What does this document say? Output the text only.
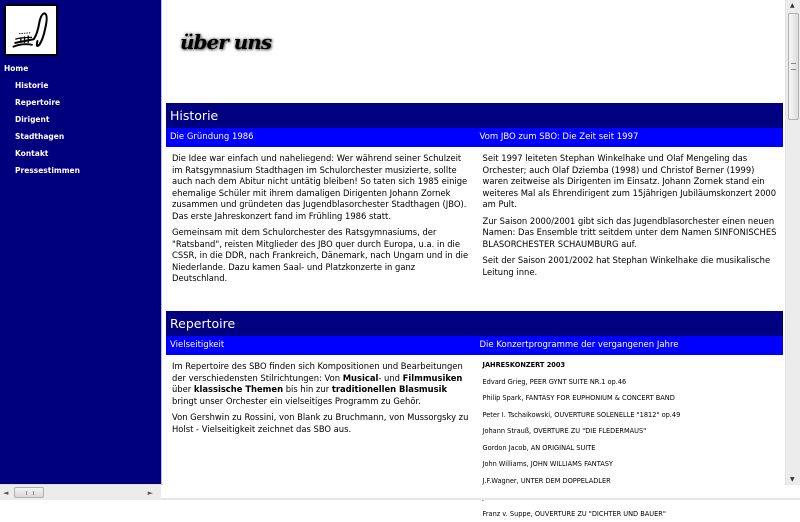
Home
Historie
Repertoire
Dirigent
Stadthagen
Kontakt
Pressestimmen
◄	►
über uns
Historie
Die Gründung 1986	Vom JBO zum SBO: Die Zeit seit 1997

Die Idee war einfach und naheliegend: Wer während seiner Schulzeit im Ratsgymnasium Stadthagen im Schulorchester musizierte, sollte auch nach dem Abitur nicht untätig bleiben! So taten sich 1985 einige ehemalige Schüler mit ihrem damaligen Dirigenten Johann Zornek zusammen und gründeten das Jugendblasorchester Stadthagen (JBO). Das erste Jahreskonzert fand im Frühling 1986 statt.

Gemeinsam mit dem Schulorchester des Ratsgymnasiums, der "Ratsband", reisten Mitglieder des JBO quer durch Europa, u.a. in die CSSR, in die DDR, nach Frankreich, Dänemark, nach Ungarn und in die Niederlande. Dazu kamen Saal- und Platzkonzerte in ganz Deutschland.

Seit 1997 leiteten Stephan Winkelhake und Olaf Mengeling das Orchester; auch Olaf Dziemba (1998) und Christof Berner (1999) waren zeitweise als Dirigenten im Einsatz. Johann Zornek stand ein weiteres Mal als Ehrendirigent zum 15jährigen Jubiläumskonzert 2000 am Pult.

Zur Saison 2000/2001 gibt sich das Jugendblasorchester einen neuen Namen: Das Ensemble tritt seitdem unter dem Namen SINFONISCHES BLASORCHESTER SCHAUMBURG auf.

Seit der Saison 2001/2002 hat Stephan Winkelhake die musikalische Leitung inne.

Repertoire
Vielseitigkeit	Die Konzertprogramme der vergangenen Jahre

Im Repertoire des SBO finden sich Kompositionen und Bearbeitungen der verschiedensten Stilrichtungen: Von Musical- und Filmmusiken über klassische Themen bis hin zur traditionellen Blasmusik bringt unser Orchester ein vielseitiges Programm zu Gehör.

Von Gershwin zu Rossini, von Blank zu Bruchmann, von Mussorgsky zu Holst - Vielseitigkeit zeichnet das SBO aus.

JAHRESKONZERT 2003
Edvard Grieg, PEER GYNT SUITE NR.1 op.46
Philip Spark, FANTASY FOR EUPHONIUM & CONCERT BAND
Peter I. Tschaikowski, OUVERTURE SOLENELLE "1812" op.49
Johann Strauß, OVERTURE ZU "DIE FLEDERMAUS"
Gordon Jacob, AN ORIGINAL SUITE
John Williams, JOHN WILLIAMS FANTASY
J.F.Wagner, UNTER DEM DOPPELADLER
Franz v. Suppe, OUVERTURE ZU "DICHTER UND BAUER"
▲
▼
